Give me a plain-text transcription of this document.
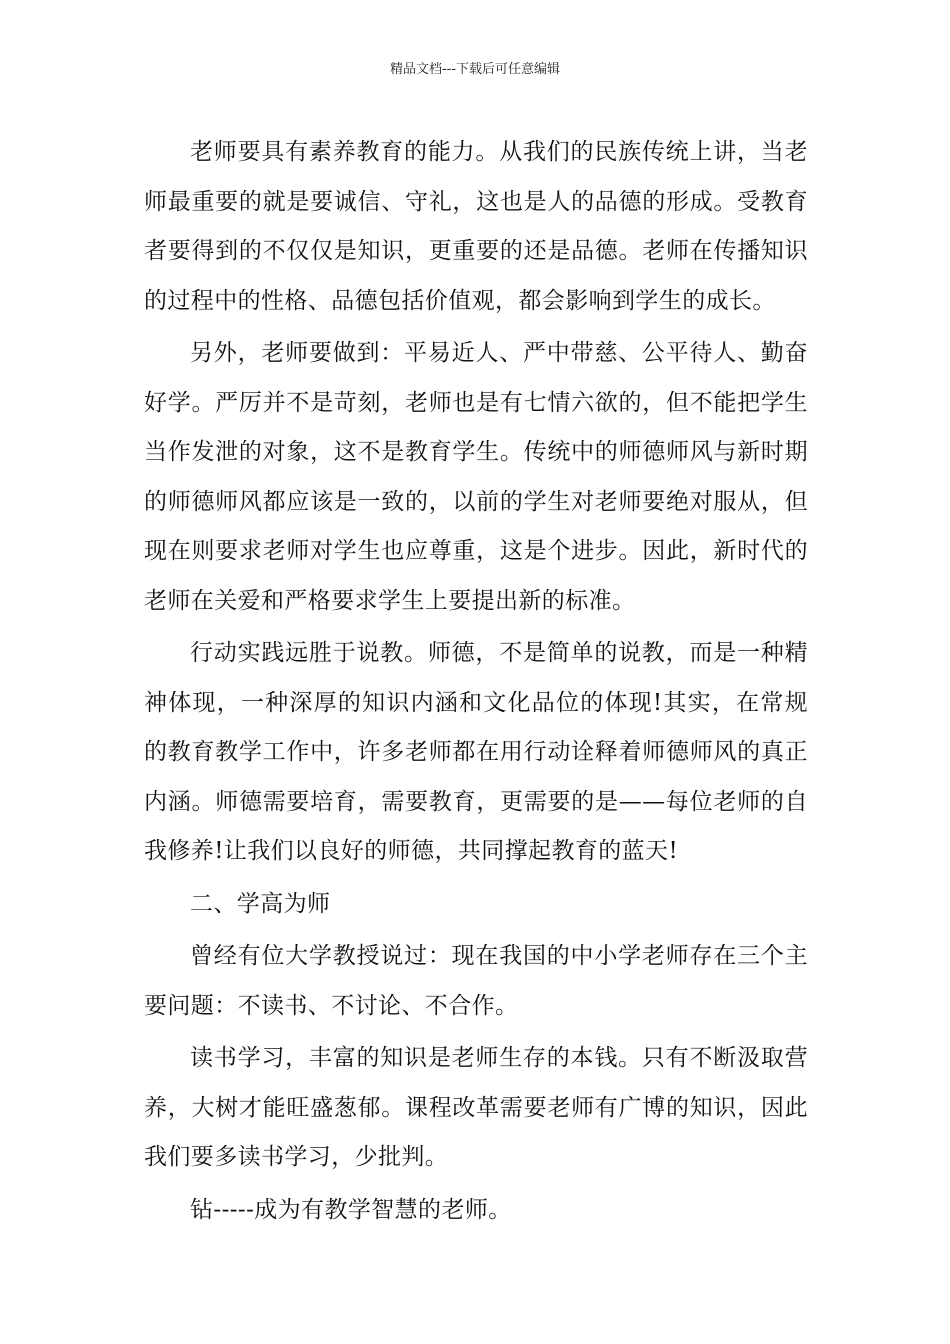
精品文档---下载后可任意编辑

老师要具有素养教育的能力。从我们的民族传统上讲，当老师最重要的就是要诚信、守礼，这也是人的品德的形成。受教育者要得到的不仅仅是知识，更重要的还是品德。老师在传播知识的过程中的性格、品德包括价值观，都会影响到学生的成长。

另外，老师要做到：平易近人、严中带慈、公平待人、勤奋好学。严厉并不是苛刻，老师也是有七情六欲的，但不能把学生当作发泄的对象，这不是教育学生。传统中的师德师风与新时期的师德师风都应该是一致的，以前的学生对老师要绝对服从，但现在则要求老师对学生也应尊重，这是个进步。因此，新时代的老师在关爱和严格要求学生上要提出新的标准。

行动实践远胜于说教。师德，不是简单的说教，而是一种精神体现，一种深厚的知识内涵和文化品位的体现!其实，在常规的教育教学工作中，许多老师都在用行动诠释着师德师风的真正内涵。师德需要培育，需要教育，更需要的是——每位老师的自我修养!让我们以良好的师德，共同撑起教育的蓝天!

二、学高为师

曾经有位大学教授说过：现在我国的中小学老师存在三个主要问题：不读书、不讨论、不合作。

读书学习，丰富的知识是老师生存的本钱。只有不断汲取营养，大树才能旺盛葱郁。课程改革需要老师有广博的知识，因此我们要多读书学习，少批判。

钻-----成为有教学智慧的老师。
